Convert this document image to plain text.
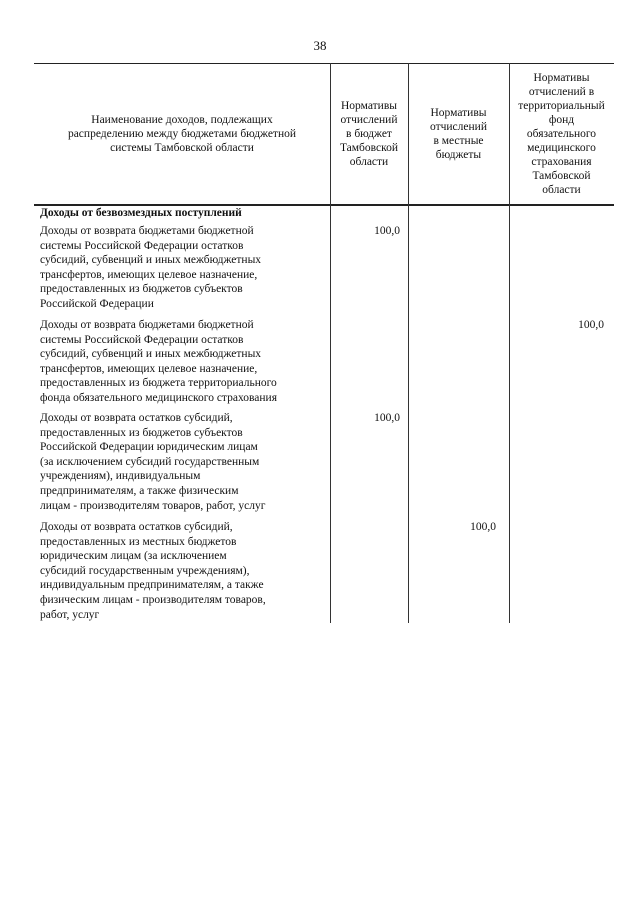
38
Наименование доходов, подлежащих
распределению между бюджетами бюджетной
системы Тамбовской области
Нормативы
отчислений
в бюджет
Тамбовской
области
Нормативы
отчислений
в местные
бюджеты
Нормативы
отчислений в
территориальный
фонд
обязательного
медицинского
страхования
Тамбовской
области
Доходы от безвозмездных поступлений
Доходы от возврата бюджетами бюджетной
системы Российской Федерации остатков
субсидий, субвенций и иных межбюджетных
трансфертов, имеющих целевое назначение,
предоставленных из бюджетов субъектов
Российской Федерации
100,0
Доходы от возврата бюджетами бюджетной
системы Российской Федерации остатков
субсидий, субвенций и иных межбюджетных
трансфертов, имеющих целевое назначение,
предоставленных из бюджета территориального
фонда обязательного медицинского страхования
100,0
Доходы от возврата остатков субсидий,
предоставленных из бюджетов субъектов
Российской Федерации юридическим лицам
(за исключением субсидий государственным
учреждениям), индивидуальным
предпринимателям, а также физическим
лицам - производителям товаров, работ, услуг
100,0
Доходы от возврата остатков субсидий,
предоставленных из местных бюджетов
юридическим лицам (за исключением
субсидий государственным учреждениям),
индивидуальным предпринимателям, а также
физическим лицам - производителям товаров,
работ, услуг
100,0
